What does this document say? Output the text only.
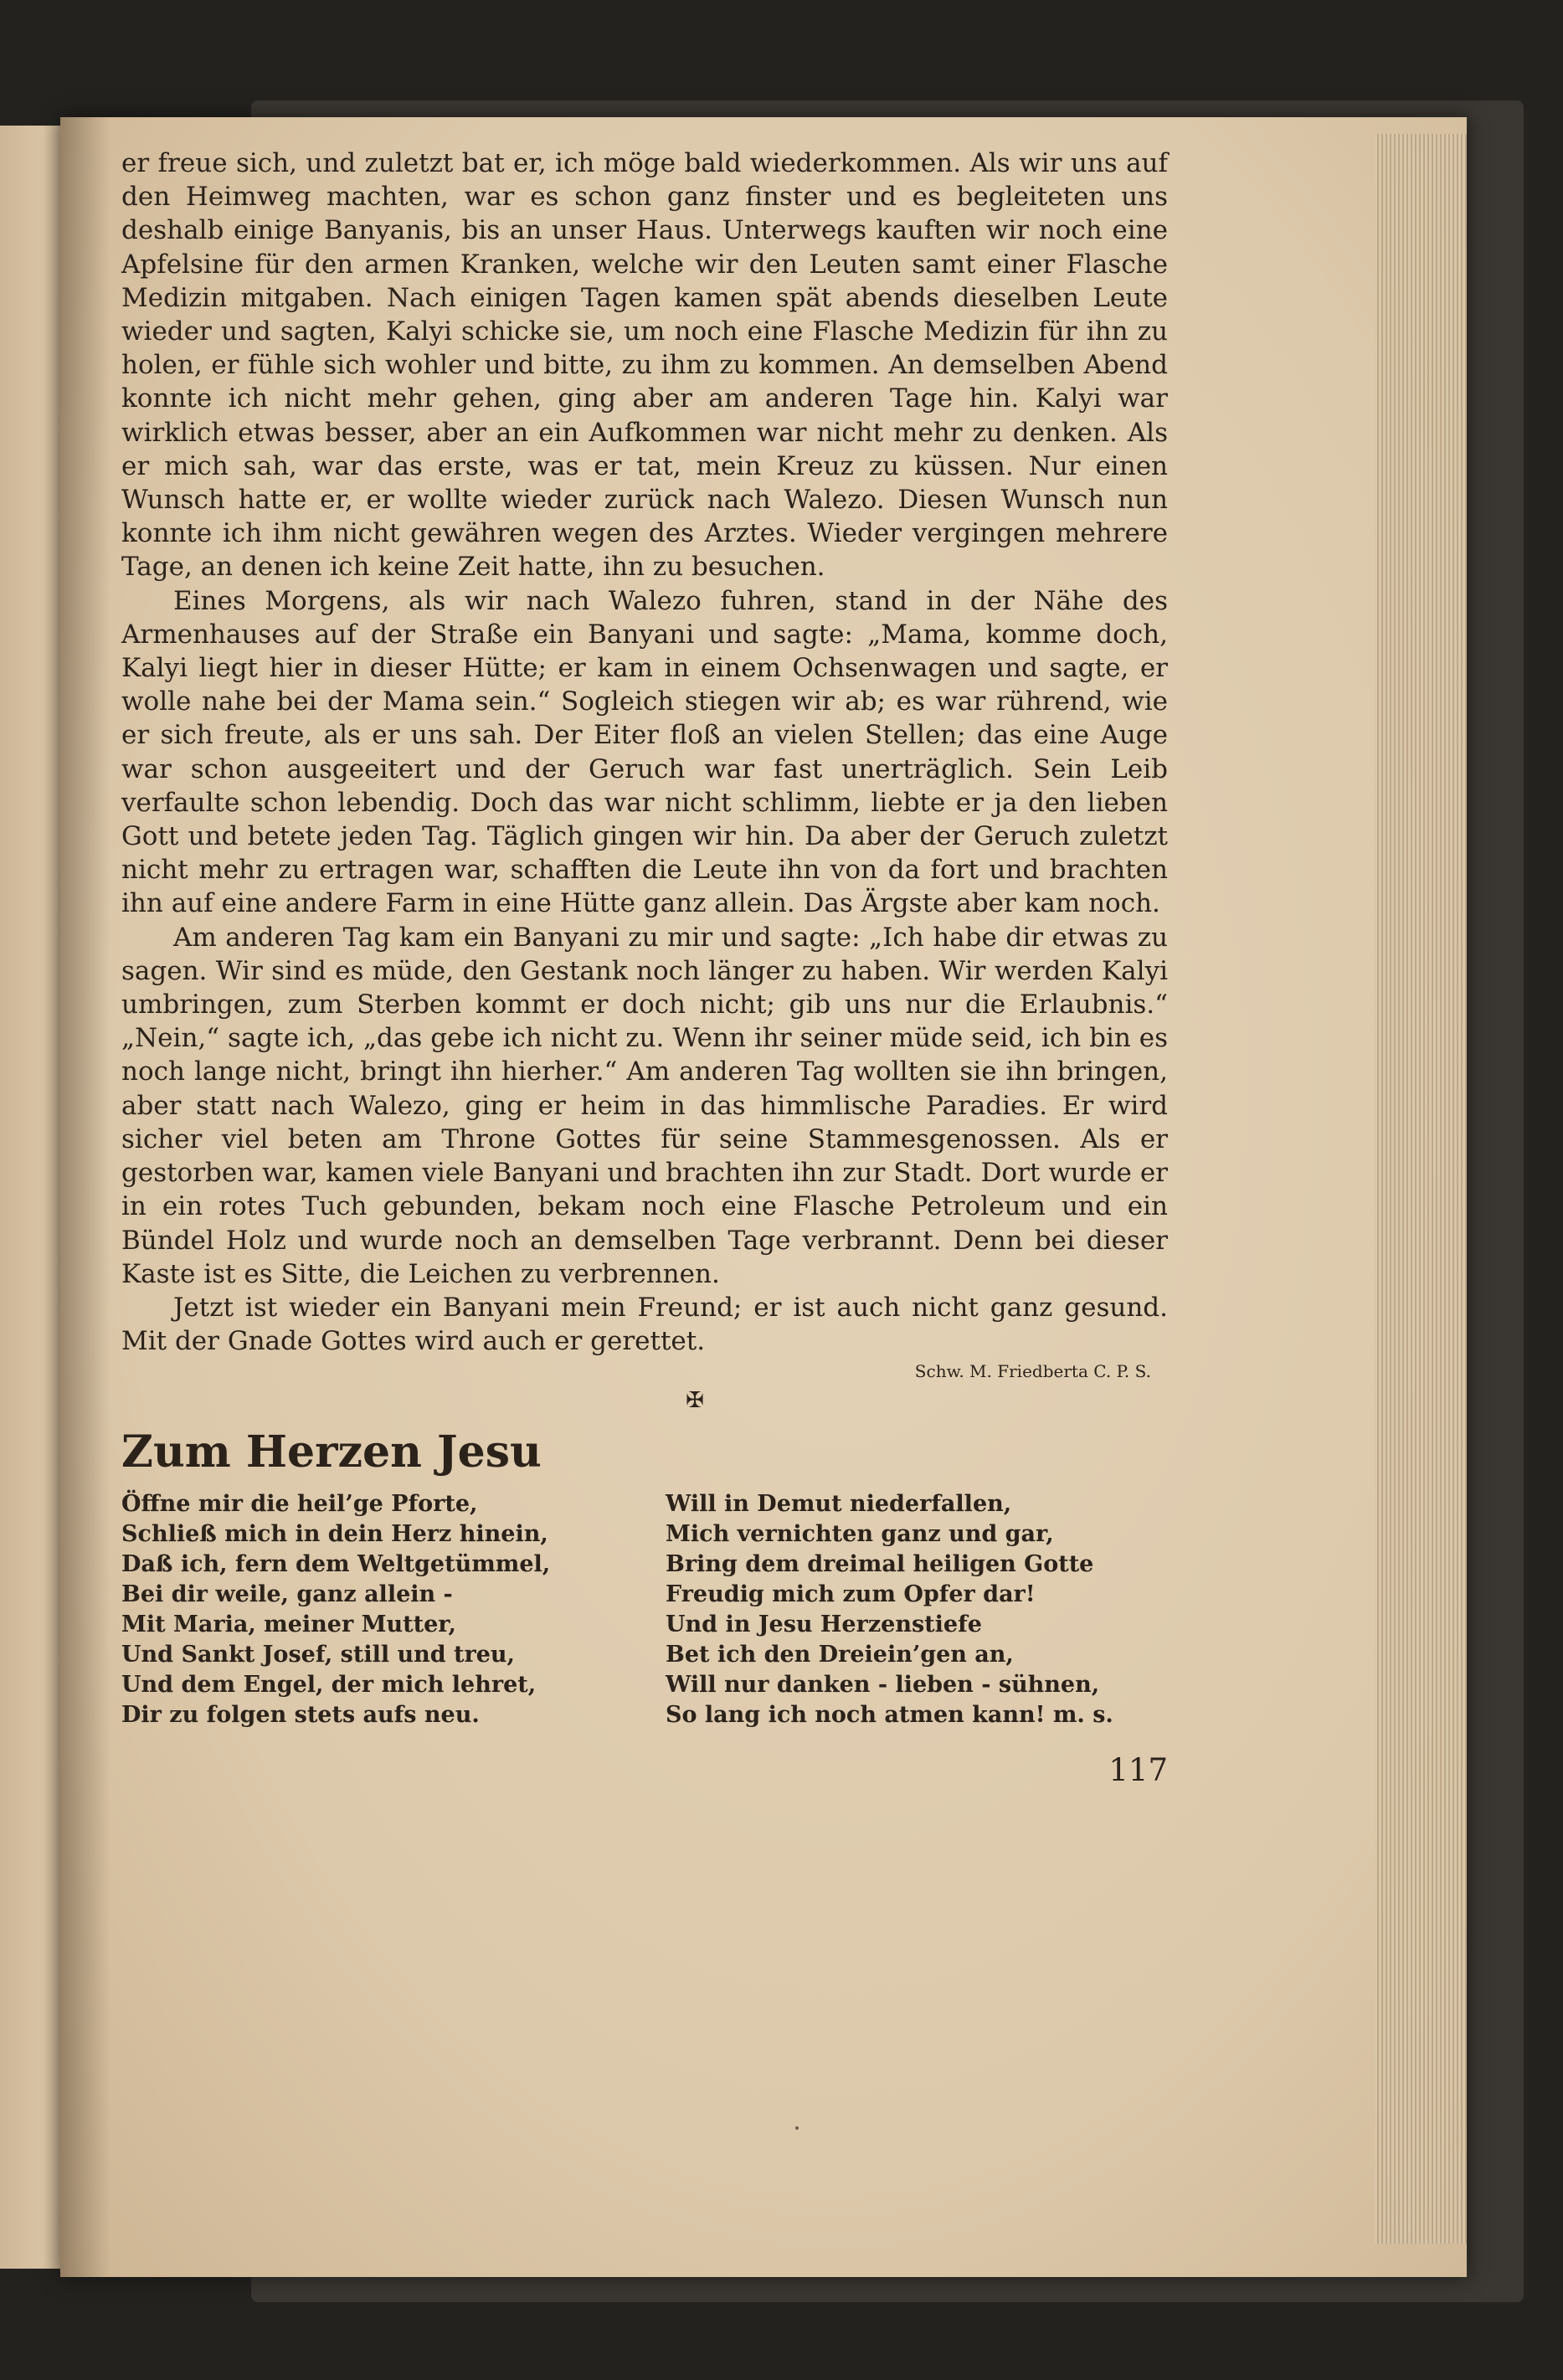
er freue sich, und zuletzt bat er, ich möge bald wiederkommen. Als wir uns auf den Heimweg machten, war es schon ganz finster und es begleiteten uns deshalb einige Banyanis, bis an unser Haus. Unterwegs kauften wir noch eine Apfelsine für den armen Kranken, welche wir den Leuten samt einer Flasche Medizin mitgaben. Nach einigen Tagen kamen spät abends dieselben Leute wieder und sagten, Kalyi schicke sie, um noch eine Flasche Medizin für ihn zu holen, er fühle sich wohler und bitte, zu ihm zu kommen. An demselben Abend konnte ich nicht mehr gehen, ging aber am anderen Tage hin. Kalyi war wirklich etwas besser, aber an ein Aufkommen war nicht mehr zu denken. Als er mich sah, war das erste, was er tat, mein Kreuz zu küssen. Nur einen Wunsch hatte er, er wollte wieder zurück nach Walezo. Diesen Wunsch nun konnte ich ihm nicht gewähren wegen des Arztes. Wieder vergingen mehrere Tage, an denen ich keine Zeit hatte, ihn zu besuchen.

Eines Morgens, als wir nach Walezo fuhren, stand in der Nähe des Armenhauses auf der Straße ein Banyani und sagte: „Mama, komme doch, Kalyi liegt hier in dieser Hütte; er kam in einem Ochsenwagen und sagte, er wolle nahe bei der Mama sein.“ Sogleich stiegen wir ab; es war rührend, wie er sich freute, als er uns sah. Der Eiter floß an vielen Stellen; das eine Auge war schon ausgeeitert und der Geruch war fast unerträglich. Sein Leib verfaulte schon lebendig. Doch das war nicht schlimm, liebte er ja den lieben Gott und betete jeden Tag. Täglich gingen wir hin. Da aber der Geruch zuletzt nicht mehr zu ertragen war, schafften die Leute ihn von da fort und brachten ihn auf eine andere Farm in eine Hütte ganz allein. Das Ärgste aber kam noch.

Am anderen Tag kam ein Banyani zu mir und sagte: „Ich habe dir etwas zu sagen. Wir sind es müde, den Gestank noch länger zu haben. Wir werden Kalyi umbringen, zum Sterben kommt er doch nicht; gib uns nur die Erlaubnis.“ „Nein,“ sagte ich, „das gebe ich nicht zu. Wenn ihr seiner müde seid, ich bin es noch lange nicht, bringt ihn hierher.“ Am anderen Tag wollten sie ihn bringen, aber statt nach Walezo, ging er heim in das himmlische Paradies. Er wird sicher viel beten am Throne Gottes für seine Stammesgenossen. Als er gestorben war, kamen viele Banyani und brachten ihn zur Stadt. Dort wurde er in ein rotes Tuch gebunden, bekam noch eine Flasche Petroleum und ein Bündel Holz und wurde noch an demselben Tage verbrannt. Denn bei dieser Kaste ist es Sitte, die Leichen zu verbrennen.

Jetzt ist wieder ein Banyani mein Freund; er ist auch nicht ganz gesund. Mit der Gnade Gottes wird auch er gerettet.

Schw. M. Friedberta C. P. S.
✠
Zum Herzen Jesu
Öffne mir die heil’ge Pforte,
Schließ mich in dein Herz hinein,
Daß ich, fern dem Weltgetümmel,
Bei dir weile, ganz allein -
Mit Maria, meiner Mutter,
Und Sankt Josef, still und treu,
Und dem Engel, der mich lehret,
Dir zu folgen stets aufs neu.
Will in Demut niederfallen,
Mich vernichten ganz und gar,
Bring dem dreimal heiligen Gotte
Freudig mich zum Opfer dar!
Und in Jesu Herzenstiefe
Bet ich den Dreiein’gen an,
Will nur danken - lieben - sühnen,
So lang ich noch atmen kann! m. s.
117
